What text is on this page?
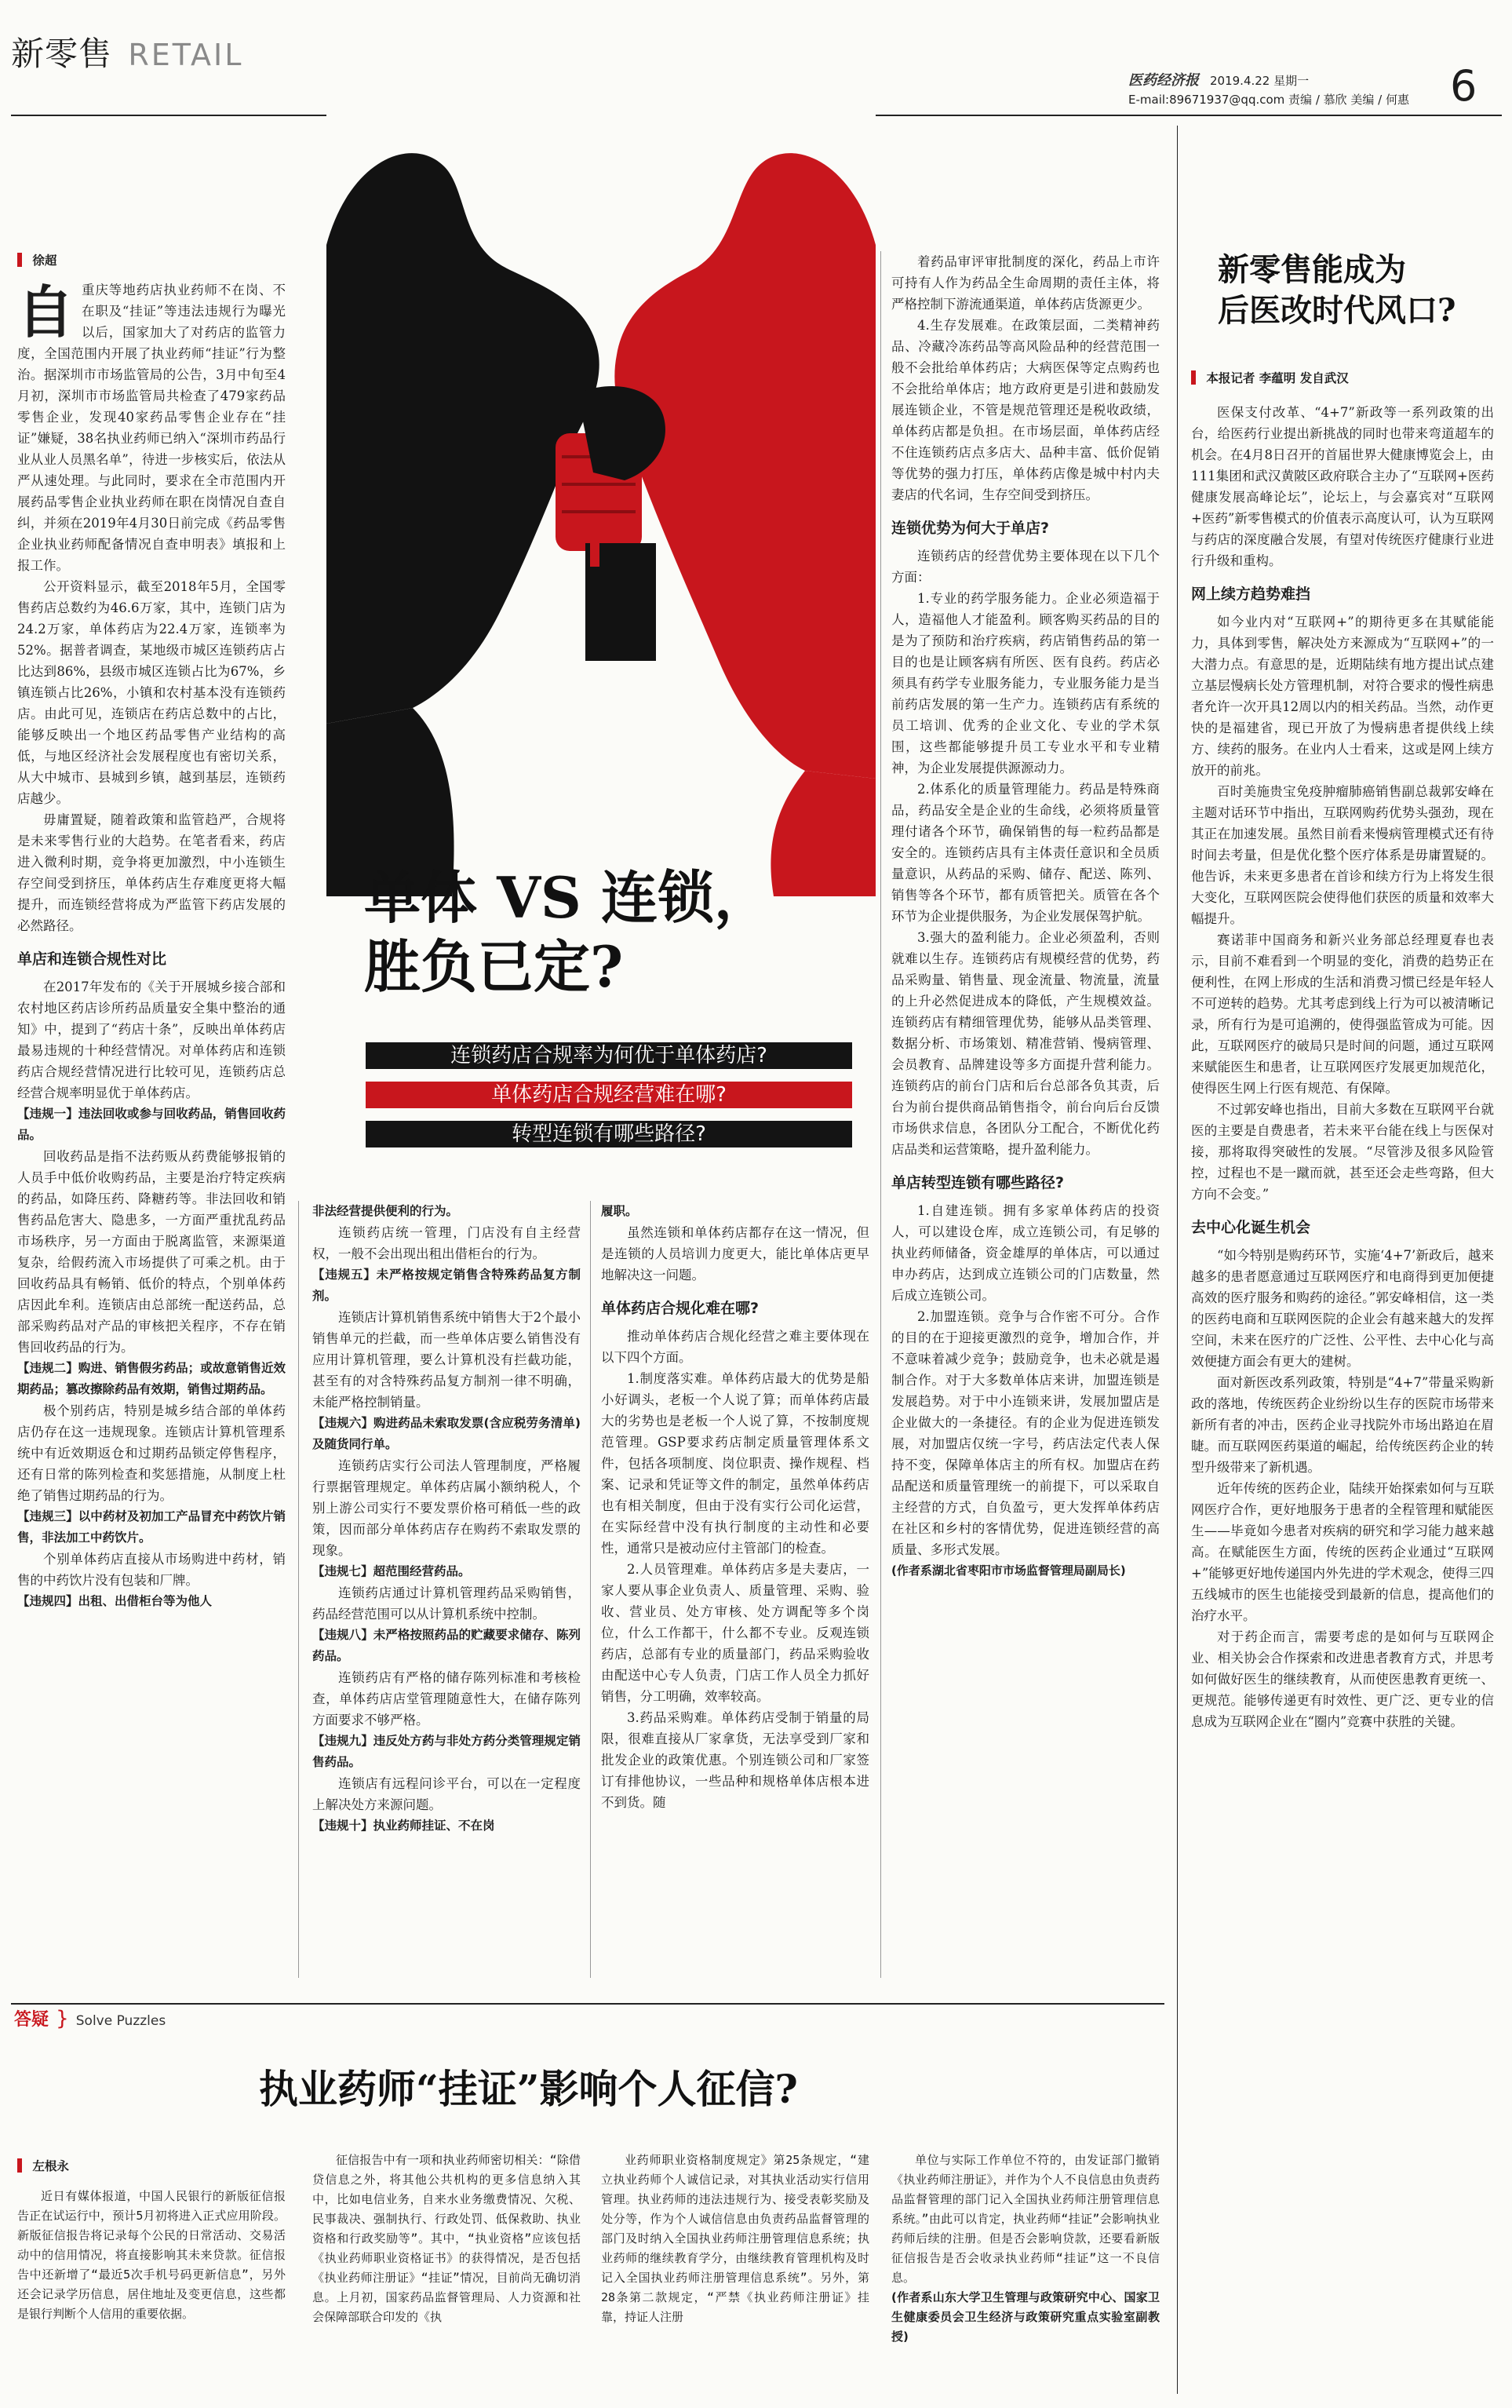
新零售 RETAIL
医药经济报 2019.4.22 星期一
E-mail:89671937@qq.com 责编 / 慕欣 美编 / 何惠 6
单体 VS 连锁，
胜负已定?
连锁药店合规率为何优于单体药店?
单体药店合规经营难在哪?
转型连锁有哪些路径?
徐超

自重庆等地药店执业药师不在岗、不在职及“挂证”等违法违规行为曝光以后，国家加大了对药店的监管力度，全国范围内开展了执业药师“挂证”行为整治。据深圳市市场监管局的公告，3月中旬至4月初，深圳市市场监管局共检查了479家药品零售企业，发现40家药品零售企业存在“挂证”嫌疑，38名执业药师已纳入“深圳市药品行业从业人员黑名单”，待进一步核实后，依法从严从速处理。与此同时，要求在全市范围内开展药品零售企业执业药师在职在岗情况自查自纠，并须在2019年4月30日前完成《药品零售企业执业药师配备情况自查申明表》填报和上报工作。

公开资料显示，截至2018年5月，全国零售药店总数约为46.6万家，其中，连锁门店为24.2万家，单体药店为22.4万家，连锁率为52%。据普者调查，某地级市城区连锁药店占比达到86%，县级市城区连锁占比为67%，乡镇连锁占比26%，小镇和农村基本没有连锁药店。由此可见，连锁店在药店总数中的占比，能够反映出一个地区药品零售产业结构的高低，与地区经济社会发展程度也有密切关系，从大中城市、县城到乡镇，越到基层，连锁药店越少。

毋庸置疑，随着政策和监管趋严，合规将是未来零售行业的大趋势。在笔者看来，药店进入微利时期，竞争将更加激烈，中小连锁生存空间受到挤压，单体药店生存难度更将大幅提升，而连锁经营将成为严监管下药店发展的必然路径。

单店和连锁合规性对比

在2017年发布的《关于开展城乡接合部和农村地区药店诊所药品质量安全集中整治的通知》中，提到了“药店十条”，反映出单体药店最易违规的十种经营情况。对单体药店和连锁药店合规经营情况进行比较可见，连锁药店总经营合规率明显优于单体药店。

【违规一】违法回收或参与回收药品，销售回收药品。

回收药品是指不法药贩从药费能够报销的人员手中低价收购药品，主要是治疗特定疾病的药品，如降压药、降糖药等。非法回收和销售药品危害大、隐患多，一方面严重扰乱药品市场秩序，另一方面由于脱离监管，来源渠道复杂，给假药流入市场提供了可乘之机。由于回收药品具有畅销、低价的特点，个别单体药店因此牟利。连锁店由总部统一配送药品，总部采购药品对产品的审核把关程序，不存在销售回收药品的行为。

【违规二】购进、销售假劣药品；或故意销售近效期药品；篡改擦除药品有效期，销售过期药品。

极个别药店，特别是城乡结合部的单体药店仍存在这一违规现象。连锁店计算机管理系统中有近效期返仓和过期药品锁定停售程序，还有日常的陈列检查和奖惩措施，从制度上杜绝了销售过期药品的行为。

【违规三】以中药材及初加工产品冒充中药饮片销售，非法加工中药饮片。

个别单体药店直接从市场购进中药材，销售的中药饮片没有包装和厂牌。

【违规四】出租、出借柜台等为他人

非法经营提供便利的行为。

连锁药店统一管理，门店没有自主经营权，一般不会出现出租出借柜台的行为。

【违规五】未严格按规定销售含特殊药品复方制剂。

连锁店计算机销售系统中销售大于2个最小销售单元的拦截，而一些单体店要么销售没有应用计算机管理，要么计算机没有拦截功能，甚至有的对含特殊药品复方制剂一律不明确，未能严格控制销量。

【违规六】购进药品未索取发票(含应税劳务清单)及随货同行单。

连锁药店实行公司法人管理制度，严格履行票据管理规定。单体药店属小额纳税人，个别上游公司实行不要发票价格可稍低一些的政策，因而部分单体药店存在购药不索取发票的现象。

【违规七】超范围经营药品。

连锁药店通过计算机管理药品采购销售，药品经营范围可以从计算机系统中控制。

【违规八】未严格按照药品的贮藏要求储存、陈列药品。

连锁药店有严格的储存陈列标准和考核检查，单体药店店堂管理随意性大，在储存陈列方面要求不够严格。

【违规九】违反处方药与非处方药分类管理规定销售药品。

连锁店有远程问诊平台，可以在一定程度上解决处方来源问题。

【违规十】执业药师挂证、不在岗

履职。

虽然连锁和单体药店都存在这一情况，但是连锁的人员培训力度更大，能比单体店更早地解决这一问题。

单体药店合规化难在哪?

推动单体药店合规化经营之难主要体现在以下四个方面。

1.制度落实难。单体药店最大的优势是船小好调头，老板一个人说了算；而单体药店最大的劣势也是老板一个人说了算，不按制度规范管理。GSP要求药店制定质量管理体系文件，包括各项制度、岗位职责、操作规程、档案、记录和凭证等文件的制定，虽然单体药店也有相关制度，但由于没有实行公司化运营，在实际经营中没有执行制度的主动性和必要性，通常只是被动应付主管部门的检查。

2.人员管理难。单体药店多是夫妻店，一家人要从事企业负责人、质量管理、采购、验收、营业员、处方审核、处方调配等多个岗位，什么工作都干，什么都不专业。反观连锁药店，总部有专业的质量部门，药品采购验收由配送中心专人负责，门店工作人员全力抓好销售，分工明确，效率较高。

3.药品采购难。单体药店受制于销量的局限，很难直接从厂家拿货，无法享受到厂家和批发企业的政策优惠。个别连锁公司和厂家签订有排他协议，一些品种和规格单体店根本进不到货。随

着药品审评审批制度的深化，药品上市许可持有人作为药品全生命周期的责任主体，将严格控制下游流通渠道，单体药店货源更少。

4.生存发展难。在政策层面，二类精神药品、冷藏冷冻药品等高风险品种的经营范围一般不会批给单体药店；大病医保等定点购药也不会批给单体店；地方政府更是引进和鼓励发展连锁企业，不管是规范管理还是税收政绩，单体药店都是负担。在市场层面，单体药店经不住连锁药店点多店大、品种丰富、低价促销等优势的强力打压，单体药店像是城中村内夫妻店的代名词，生存空间受到挤压。

连锁优势为何大于单店?

连锁药店的经营优势主要体现在以下几个方面：

1.专业的药学服务能力。企业必须造福于人，造福他人才能盈利。顾客购买药品的目的是为了预防和治疗疾病，药店销售药品的第一目的也是让顾客病有所医、医有良药。药店必须具有药学专业服务能力，专业服务能力是当前药店发展的第一生产力。连锁药店有系统的员工培训、优秀的企业文化、专业的学术氛围，这些都能够提升员工专业水平和专业精神，为企业发展提供源源动力。

2.体系化的质量管理能力。药品是特殊商品，药品安全是企业的生命线，必须将质量管理付诸各个环节，确保销售的每一粒药品都是安全的。连锁药店具有主体责任意识和全员质量意识，从药品的采购、储存、配送、陈列、销售等各个环节，都有质管把关。质管在各个环节为企业提供服务，为企业发展保驾护航。

3.强大的盈利能力。企业必须盈利，否则就难以生存。连锁药店有规模经营的优势，药品采购量、销售量、现金流量、物流量，流量的上升必然促进成本的降低，产生规模效益。连锁药店有精细管理优势，能够从品类管理、数据分析、市场策划、精准营销、慢病管理、会员教育、品牌建设等多方面提升营利能力。连锁药店的前台门店和后台总部各负其责，后台为前台提供商品销售指令，前台向后台反馈市场供求信息，各团队分工配合，不断优化药店品类和运营策略，提升盈利能力。

单店转型连锁有哪些路径?

1.自建连锁。拥有多家单体药店的投资人，可以建设仓库，成立连锁公司，有足够的执业药师储备，资金雄厚的单体店，可以通过申办药店，达到成立连锁公司的门店数量，然后成立连锁公司。

2.加盟连锁。竞争与合作密不可分。合作的目的在于迎接更激烈的竞争，增加合作，并不意味着减少竞争；鼓励竞争，也未必就是遏制合作。对于大多数单体店来讲，加盟连锁是发展趋势。对于中小连锁来讲，发展加盟店是企业做大的一条捷径。有的企业为促进连锁发展，对加盟店仅统一字号，药店法定代表人保持不变，保障单体店主的所有权。加盟店在药品配送和质量管理统一的前提下，可以采取自主经营的方式，自负盈亏，更大发挥单体药店在社区和乡村的客情优势，促进连锁经营的高质量、多形式发展。

(作者系湖北省枣阳市市场监督管理局副局长)

新零售能成为
后医改时代风口?
本报记者 李蕴明 发自武汉

医保支付改革、“4+7”新政等一系列政策的出台，给医药行业提出新挑战的同时也带来弯道超车的机会。在4月8日召开的首届世界大健康博览会上，由111集团和武汉黄陂区政府联合主办了“互联网+医药健康发展高峰论坛”，论坛上，与会嘉宾对“互联网+医药”新零售模式的价值表示高度认可，认为互联网与药店的深度融合发展，有望对传统医疗健康行业进行升级和重构。

网上续方趋势难挡

如今业内对“互联网+”的期待更多在其赋能能力，具体到零售，解决处方来源成为“互联网+”的一大潜力点。有意思的是，近期陆续有地方提出试点建立基层慢病长处方管理机制，对符合要求的慢性病患者允许一次开具12周以内的相关药品。当然，动作更快的是福建省，现已开放了为慢病患者提供线上续方、续药的服务。在业内人士看来，这或是网上续方放开的前兆。

百时美施贵宝免疫肿瘤肺癌销售副总裁郭安峰在主题对话环节中指出，互联网购药优势头强劲，现在其正在加速发展。虽然目前看来慢病管理模式还有待时间去考量，但是优化整个医疗体系是毋庸置疑的。他告诉，未来更多患者在首诊和续方行为上将发生很大变化，互联网医院会使得他们获医的质量和效率大幅提升。

赛诺菲中国商务和新兴业务部总经理夏春也表示，目前不难看到一个明显的变化，消费的趋势正在便利性，在网上形成的生活和消费习惯已经是年轻人不可逆转的趋势。尤其考虑到线上行为可以被清晰记录，所有行为是可追溯的，使得强监管成为可能。因此，互联网医疗的破局只是时间的问题，通过互联网来赋能医生和患者，让互联网医疗发展更加规范化，使得医生网上行医有规范、有保障。

不过郭安峰也指出，目前大多数在互联网平台就医的主要是自费患者，若未来平台能在线上与医保对接，那将取得突破性的发展。“尽管涉及很多风险管控，过程也不是一蹴而就，甚至还会走些弯路，但大方向不会变。”

去中心化诞生机会

“如今特别是购药环节，实施‘4+7’新政后，越来越多的患者愿意通过互联网医疗和电商得到更加便捷高效的医疗服务和购药的途径。”郭安峰相信，这一类的医药电商和互联网医院的企业会有越来越大的发挥空间，未来在医疗的广泛性、公平性、去中心化与高效便捷方面会有更大的建树。

面对新医改系列政策，特别是“4+7”带量采购新政的落地，传统医药企业纷纷以生存的医院市场带来新所有者的冲击，医药企业寻找院外市场出路迫在眉睫。而互联网医药渠道的崛起，给传统医药企业的转型升级带来了新机遇。

近年传统的医药企业，陆续开始探索如何与互联网医疗合作，更好地服务于患者的全程管理和赋能医生——毕竟如今患者对疾病的研究和学习能力越来越高。在赋能医生方面，传统的医药企业通过“互联网+”能够更好地传递国内外先进的学术观念，使得三四五线城市的医生也能接受到最新的信息，提高他们的治疗水平。

对于药企而言，需要考虑的是如何与互联网企业、相关协会合作探索和改进患者教育方式，并思考如何做好医生的继续教育，从而使医患教育更统一、更规范。能够传递更有时效性、更广泛、更专业的信息成为互联网企业在“圈内”竞赛中获胜的关键。

答疑 } Solve Puzzles
执业药师“挂证”影响个人征信?
左根永

近日有媒体报道，中国人民银行的新版征信报告正在试运行中，预计5月初将进入正式应用阶段。新版征信报告将记录每个公民的日常活动、交易活动中的信用情况，将直接影响其未来贷款。征信报告中还新增了“最近5次手机号码更新信息”，另外还会记录学历信息，居住地址及变更信息，这些都是银行判断个人信用的重要依据。

征信报告中有一项和执业药师密切相关：“除借贷信息之外，将其他公共机构的更多信息纳入其中，比如电信业务，自来水业务缴费情况、欠税、民事裁决、强制执行、行政处罚、低保救助、执业资格和行政奖励等”。其中，“执业资格”应该包括《执业药师职业资格证书》的获得情况，是否包括《执业药师注册证》“挂证”情况，目前尚无确切消息。上月初，国家药品监督管理局、人力资源和社会保障部联合印发的《执

业药师职业资格制度规定》第25条规定，“建立执业药师个人诚信记录，对其执业活动实行信用管理。执业药师的违法违规行为、接受表彰奖励及处分等，作为个人诚信信息由负责药品监督管理的部门及时纳入全国执业药师注册管理信息系统；执业药师的继续教育学分，由继续教育管理机构及时记入全国执业药师注册管理信息系统”。另外，第28条第二款规定，“严禁《执业药师注册证》挂靠，持证人注册

单位与实际工作单位不符的，由发证部门撤销《执业药师注册证》，并作为个人不良信息由负责药品监督管理的部门记入全国执业药师注册管理信息系统。”由此可以肯定，执业药师“挂证”会影响执业药师后续的注册。但是否会影响贷款，还要看新版征信报告是否会收录执业药师“挂证”这一不良信息。

(作者系山东大学卫生管理与政策研究中心、国家卫生健康委员会卫生经济与政策研究重点实验室副教授)
